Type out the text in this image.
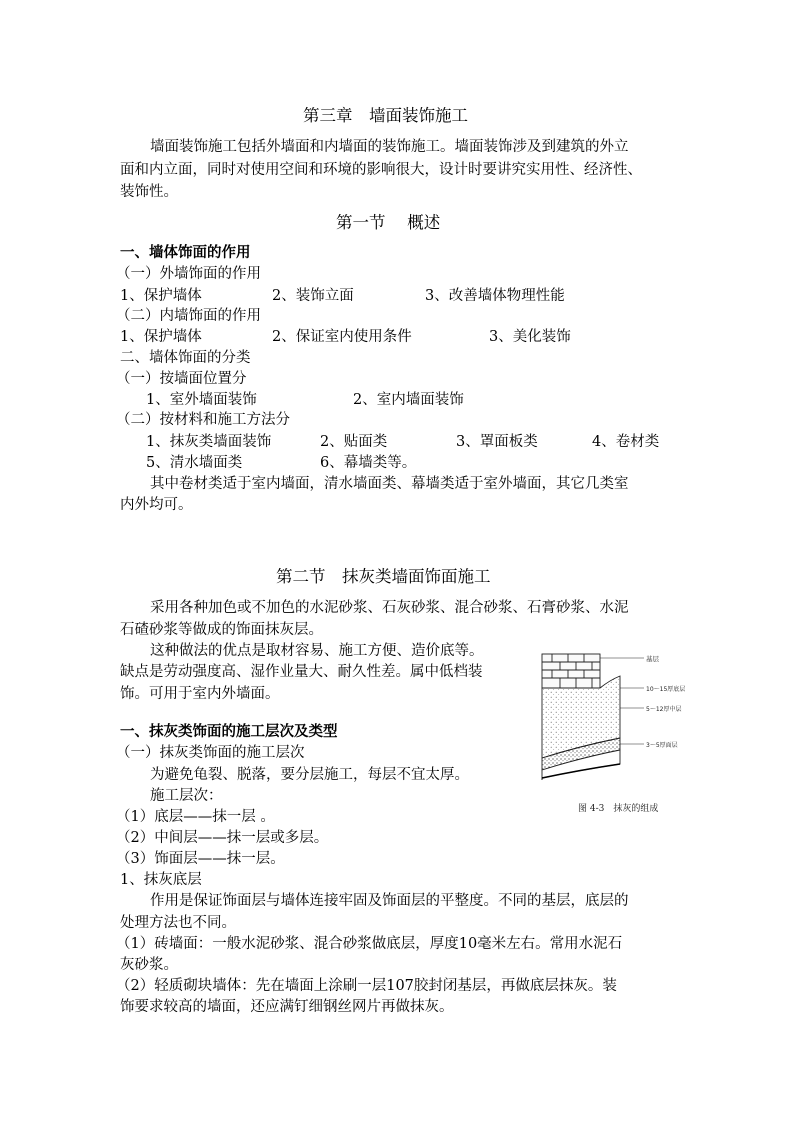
第三章　墙面装饰施工
墙面装饰施工包括外墙面和内墙面的装饰施工。墙面装饰涉及到建筑的外立
面和内立面，同时对使用空间和环境的影响很大，设计时要讲究实用性、经济性、
装饰性。
第一节　 概述
一、墙体饰面的作用
（一）外墙饰面的作用
1、保护墙体	2、装饰立面	3、改善墙体物理性能
（二）内墙饰面的作用
1、保护墙体	2、保证室内使用条件	3、美化装饰
二、墙体饰面的分类
（一）按墙面位置分
1、室外墙面装饰	2、室内墙面装饰
（二）按材料和施工方法分
1、抹灰类墙面装饰	2、贴面类	3、罩面板类	4、卷材类
5、清水墙面类	6、幕墙类等。
其中卷材类适于室内墙面，清水墙面类、幕墙类适于室外墙面，其它几类室
内外均可。
第二节　抹灰类墙面饰面施工
采用各种加色或不加色的水泥砂浆、石灰砂浆、混合砂浆、石膏砂浆、水泥
石碴砂浆等做成的饰面抹灰层。
这种做法的优点是取材容易、施工方便、造价底等。
缺点是劳动强度高、湿作业量大、耐久性差。属中低档装
饰。可用于室内外墙面。
一、抹灰类饰面的施工层次及类型
（一）抹灰类饰面的施工层次
为避免龟裂、脱落，要分层施工，每层不宜太厚。
施工层次：
（1）底层——抹一层 。
（2）中间层——抹一层或多层。
（3）饰面层——抹一层。
1、抹灰底层
作用是保证饰面层与墙体连接牢固及饰面层的平整度。不同的基层，底层的
处理方法也不同。
（1）砖墙面：一般水泥砂浆、混合砂浆做底层，厚度10毫米左右。常用水泥石
灰砂浆。
（2）轻质砌块墙体：先在墙面上涂刷一层107胶封闭基层，再做底层抹灰。装
饰要求较高的墙面，还应满钉细钢丝网片再做抹灰。
基层
10～15厚底层
5～12厚中层
3～5厚面层
图 4-3　抹灰的组成
